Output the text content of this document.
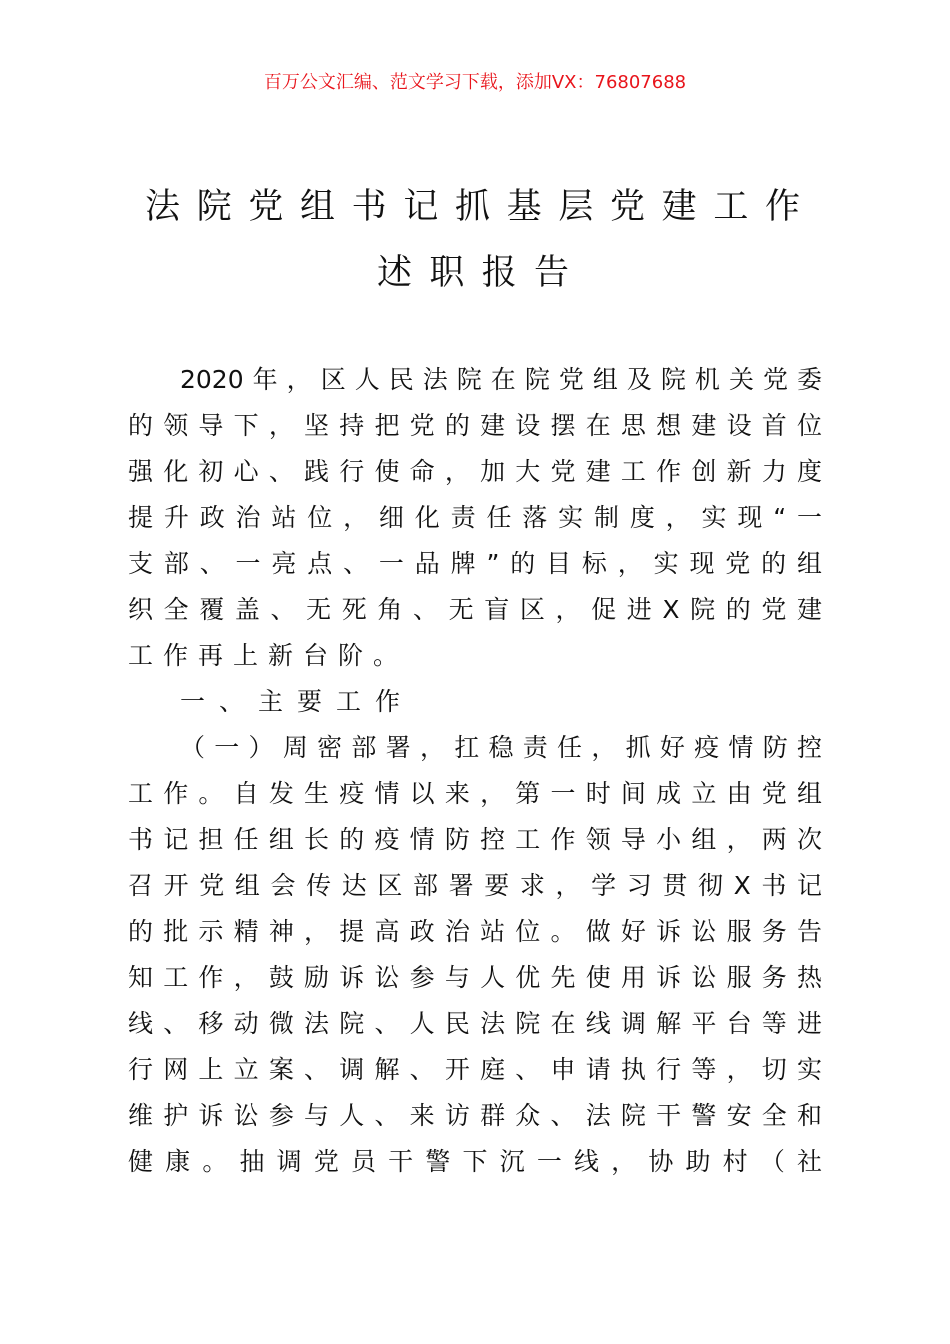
百万公文汇编、范文学习下载，添加VX：76807688
法院党组书记抓基层党建工作
述职报告
2020年，区人民法院在院党组及院机关党委
的领导下，坚持把党的建设摆在思想建设首位
强化初心、践行使命，加大党建工作创新力度
提升政治站位，细化责任落实制度，实现“一
支部、一亮点、一品牌”的目标，实现党的组
织全覆盖、无死角、无盲区，促进X院的党建
工作再上新台阶。
一、主要工作
（一）周密部署，扛稳责任，抓好疫情防控
工作。自发生疫情以来，第一时间成立由党组
书记担任组长的疫情防控工作领导小组，两次
召开党组会传达区部署要求，学习贯彻X书记
的批示精神，提高政治站位。做好诉讼服务告
知工作，鼓励诉讼参与人优先使用诉讼服务热
线、移动微法院、人民法院在线调解平台等进
行网上立案、调解、开庭、申请执行等，切实
维护诉讼参与人、来访群众、法院干警安全和
健康。抽调党员干警下沉一线，协助村（社
